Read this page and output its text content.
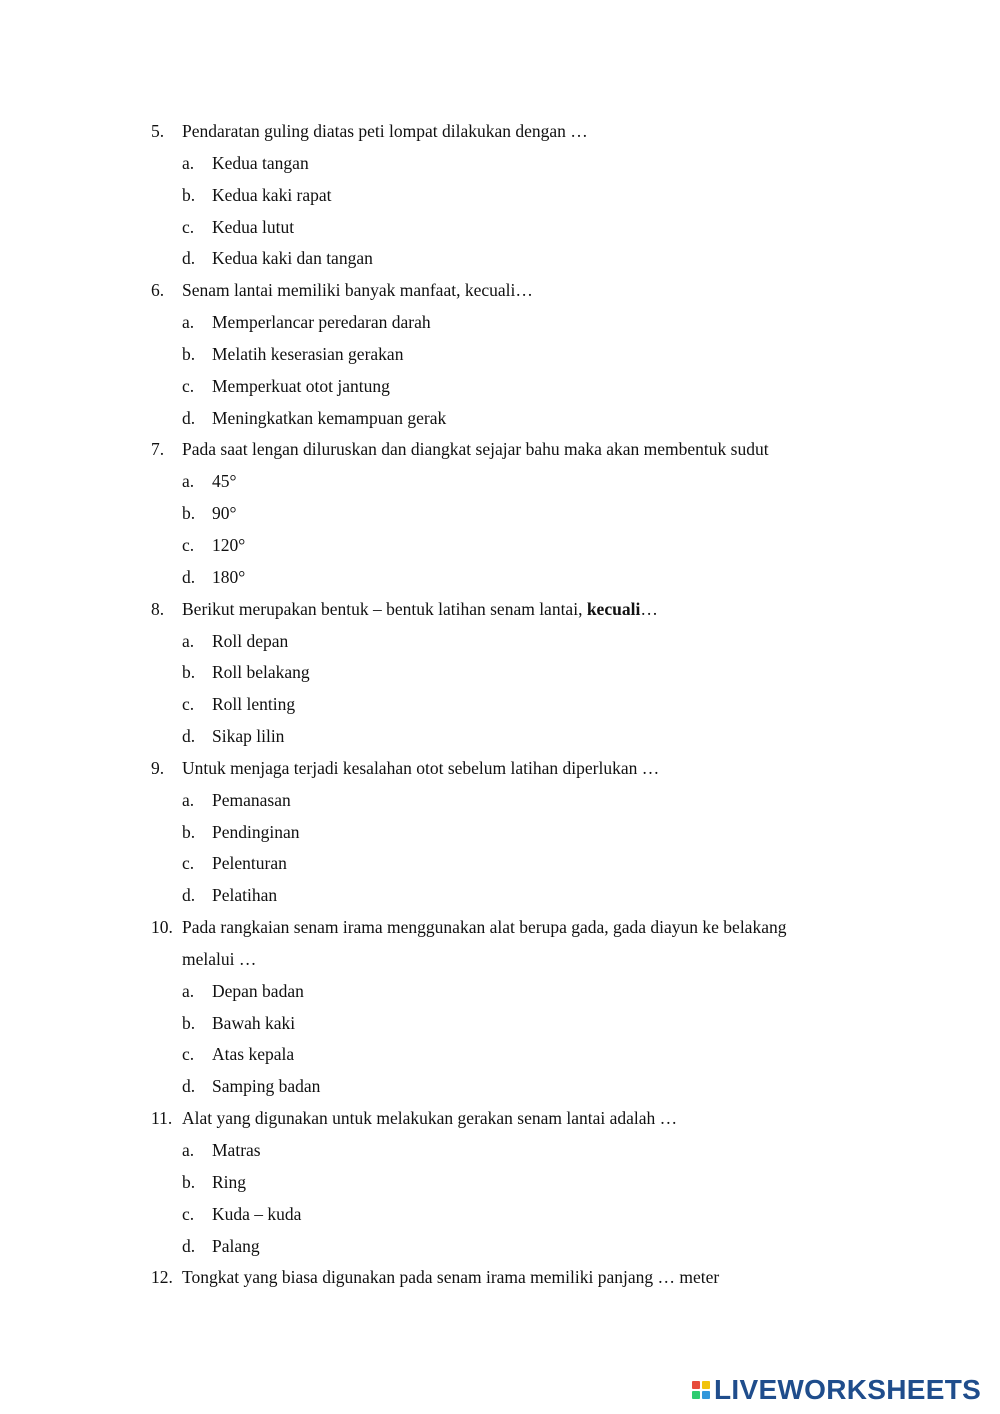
5. Pendaratan guling diatas peti lompat dilakukan dengan …
a. Kedua tangan
b. Kedua kaki rapat
c. Kedua lutut
d. Kedua kaki dan tangan
6. Senam lantai memiliki banyak manfaat, kecuali…
a. Memperlancar peredaran darah
b. Melatih keserasian gerakan
c. Memperkuat otot jantung
d. Meningkatkan kemampuan gerak
7. Pada saat lengan diluruskan dan diangkat sejajar bahu maka akan membentuk sudut
a. 45°
b. 90°
c. 120°
d. 180°
8. Berikut merupakan bentuk – bentuk latihan senam lantai, kecuali…
a. Roll depan
b. Roll belakang
c. Roll lenting
d. Sikap lilin
9. Untuk menjaga terjadi kesalahan otot sebelum latihan diperlukan …
a. Pemanasan
b. Pendinginan
c. Pelenturan
d. Pelatihan
10. Pada rangkaian senam irama menggunakan alat berupa gada, gada diayun ke belakang
melalui …
a. Depan badan
b. Bawah kaki
c. Atas kepala
d. Samping badan
11. Alat yang digunakan untuk melakukan gerakan senam lantai adalah …
a. Matras
b. Ring
c. Kuda – kuda
d. Palang
12. Tongkat yang biasa digunakan pada senam irama memiliki panjang … meter
LIVEWORKSHEETS
